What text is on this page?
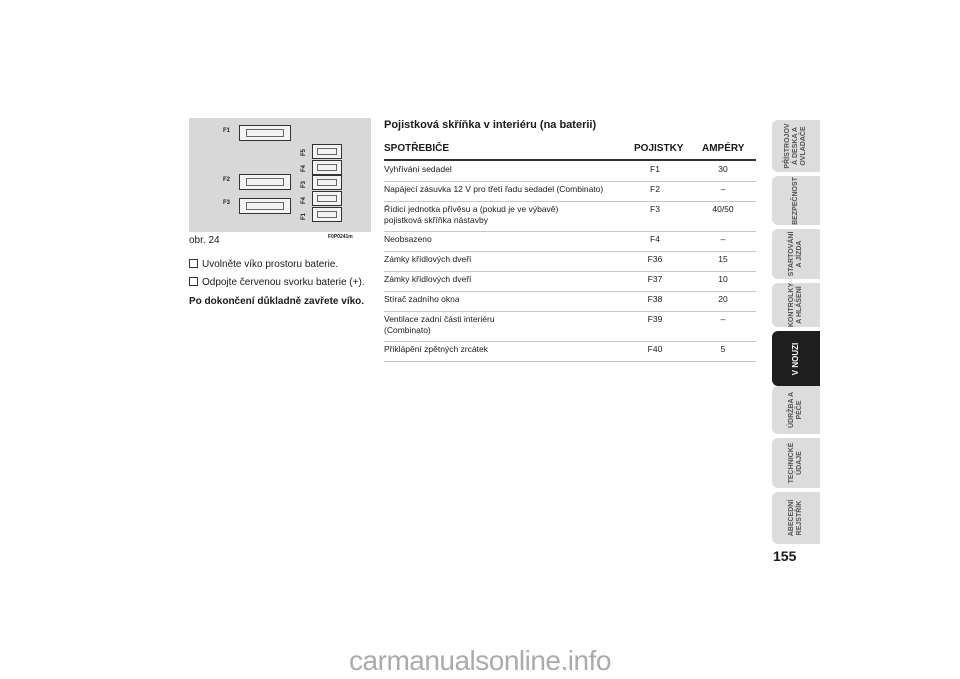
F1
F2
F3
F1
F4
F3
F4
F5
F0P0241m
obr. 24
Uvolněte víko prostoru baterie.
Odpojte červenou svorku baterie (+).
Po dokončení důkladně zavřete víko.
Pojistková skříňka v interiéru (na baterii)
SPOTŘEBIČE	POJISTKY AMPÉRY
Vyhřívání sedadel	F1	30
Napájecí zásuvka 12 V pro třetí řadu sedadel (Combinato)	F2	–
Řídicí jednotka přívěsu a (pokud je ve výbavě)
pojistková skříňka nástavby
F3	40/50
Neobsazeno	F4	–
Zámky křídlových dveří	F36	15
Zámky křídlových dveří	F37	10
Stírač zadního okna	F38	20
Ventilace zadní části interiéru
(Combinato)
F39	–
Přiklápění zpětných zrcátek	F40	5
PŘÍSTROJOV
Á DESKA A
OVLADAČE
BEZPEČNOST
STARTOVÁNÍ
A JÍZDA
KONTROLKY
A HLÁŠENÍ
V NOUZI
ÚDRŽBA A
PÉČE
TECHNICKÉ
ÚDAJE
ABECEDNÍ
REJSTŘÍK
155
carmanualsonline.info
